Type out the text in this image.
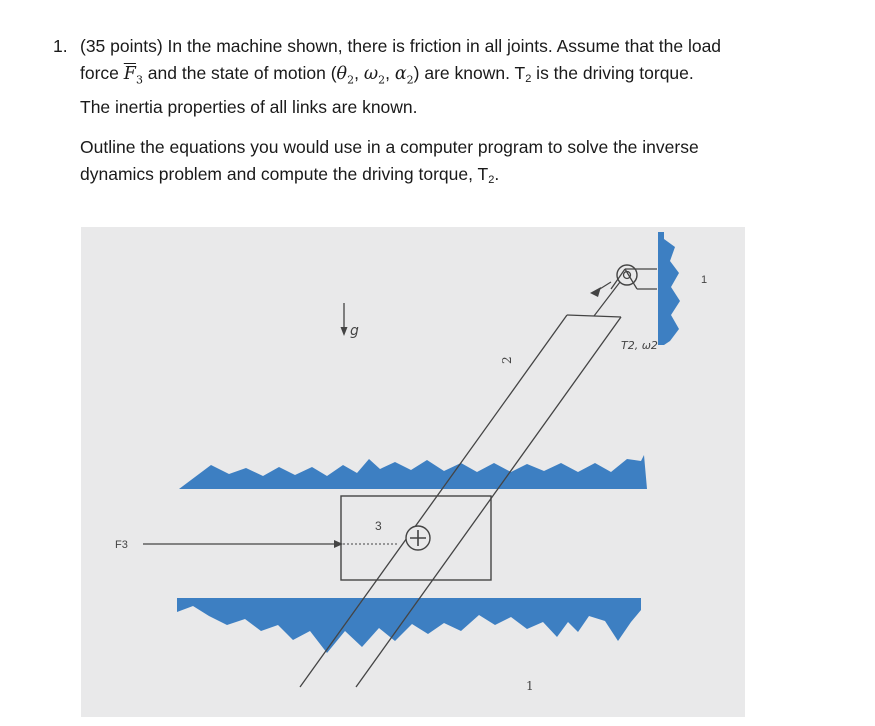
1. (35 points) In the machine shown, there is friction in all joints. Assume that the load
force $\overline{F}_3$ and the state of motion ($\theta_2$, $\omega_2$, $\alpha_2$) are known. $T_2$ is the driving torque.
The inertia properties of all links are known.

Outline the equations you would use in a computer program to solve the inverse
dynamics problem and compute the driving torque, $T_2$.

g
2
3
1
1
F3
T2, ω2
